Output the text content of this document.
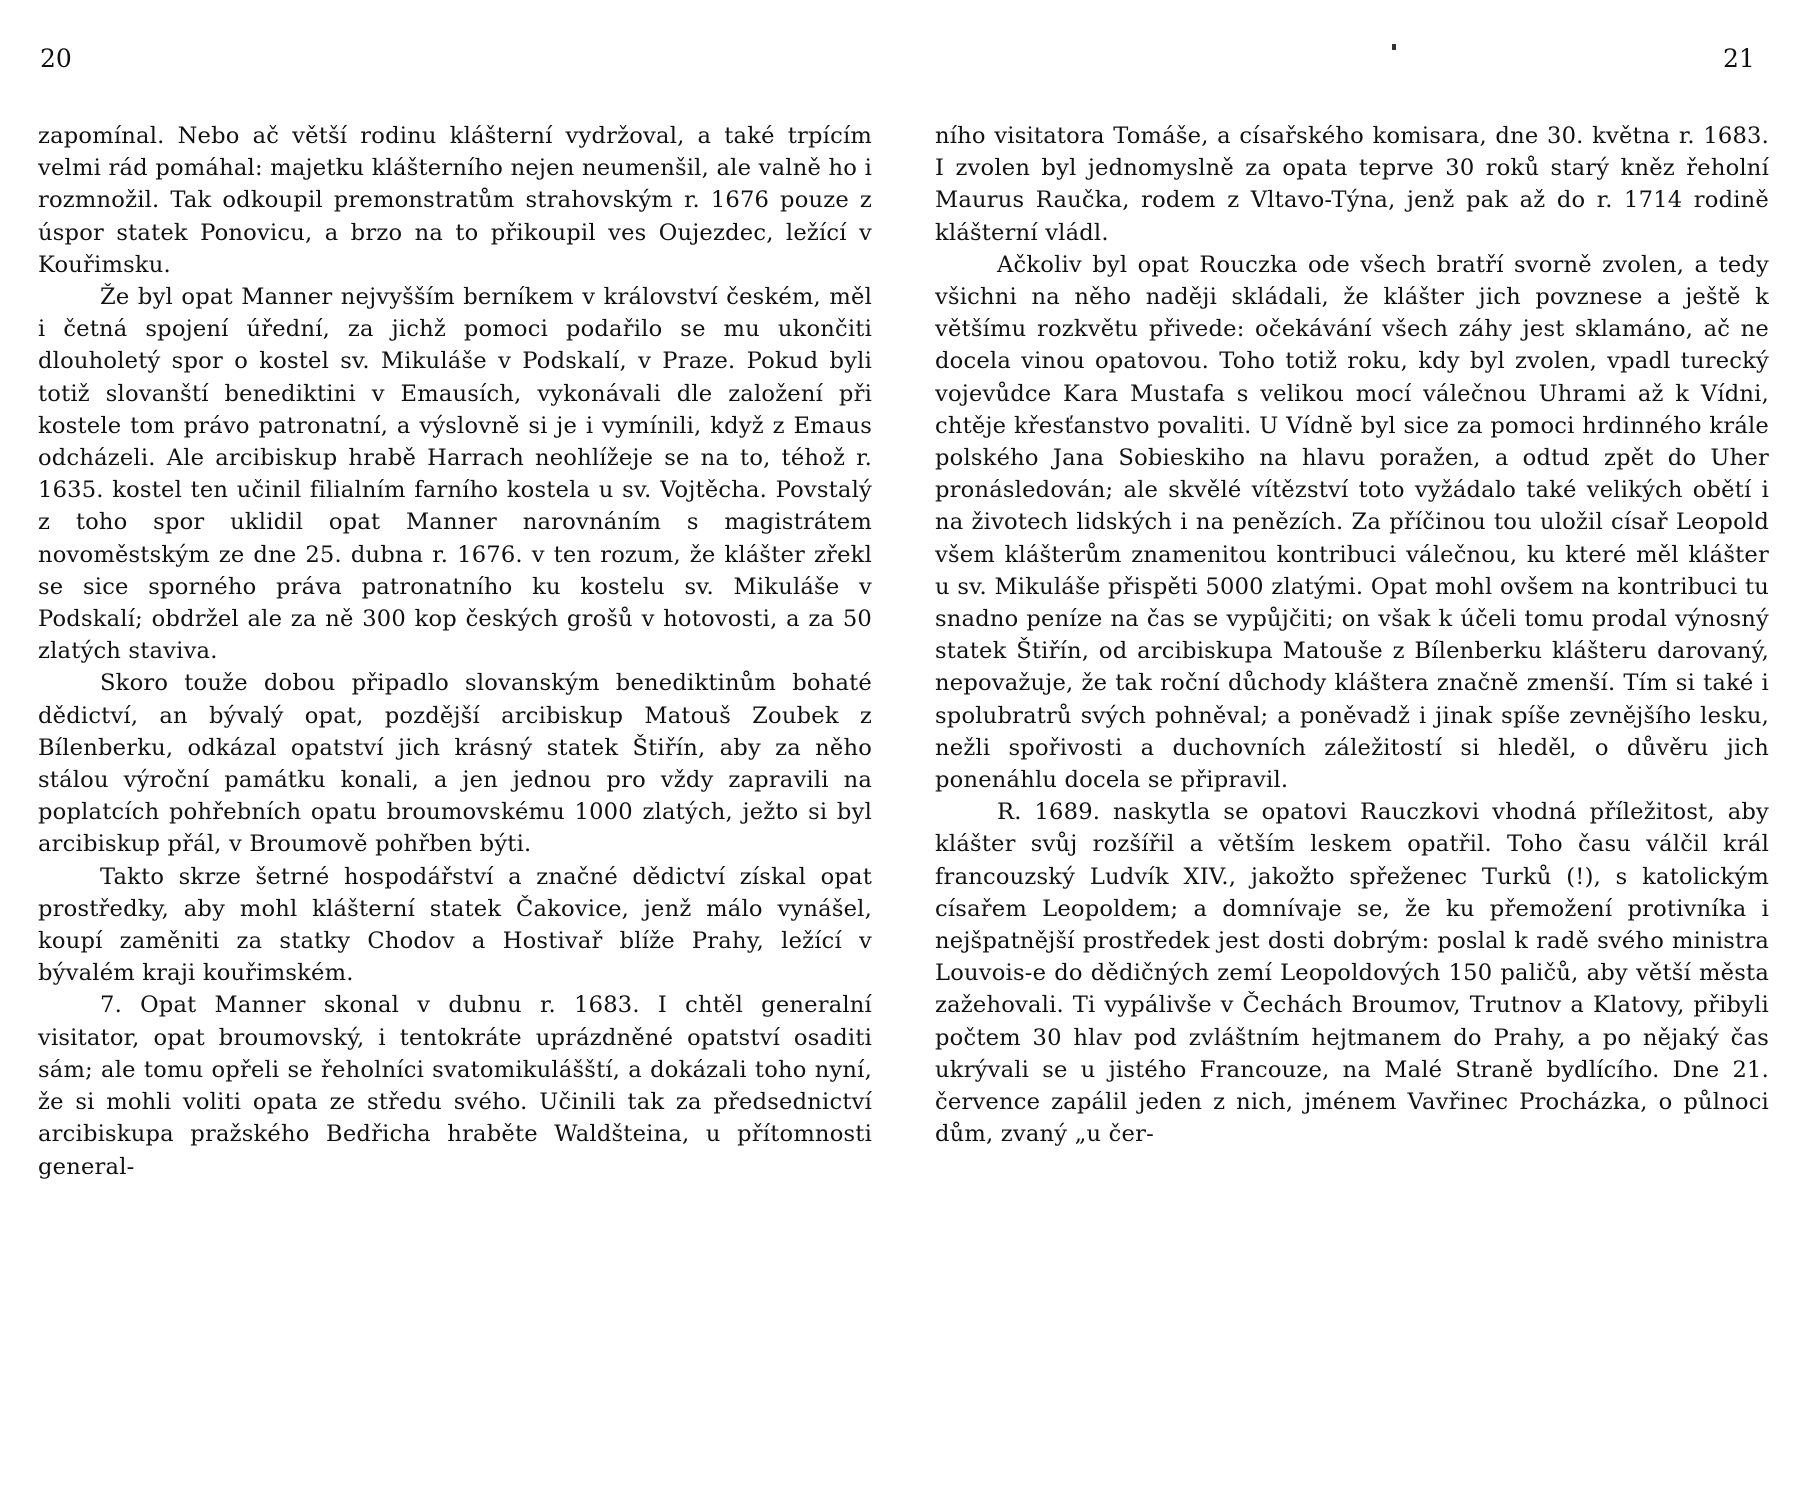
20	21

zapomínal. Nebo ač větší rodinu klášterní vydržoval, a také trpícím velmi rád pomáhal: majetku klášterního nejen neumenšil, ale valně ho i rozmnožil. Tak odkoupil premonstratům strahovským r. 1676 pouze z úspor statek Ponovicu, a brzo na to přikoupil ves Oujezdec, ležící v Kouřimsku.

Že byl opat Manner nejvyšším berníkem v království českém, měl i četná spojení úřední, za jichž pomoci podařilo se mu ukončiti dlouholetý spor o kostel sv. Mikuláše v Podskalí, v Praze. Pokud byli totiž slovanští benediktini v Emausích, vykonávali dle založení při kostele tom právo patronatní, a výslovně si je i vymínili, když z Emaus odcházeli. Ale arcibiskup hrabě Harrach neohlížeje se na to, téhož r. 1635. kostel ten učinil filialním farního kostela u sv. Vojtěcha. Povstalý z toho spor uklidil opat Manner narovnáním s magistrátem novoměstským ze dne 25. dubna r. 1676. v ten rozum, že klášter zřekl se sice sporného práva patronatního ku kostelu sv. Mikuláše v Podskalí; obdržel ale za ně 300 kop českých grošů v hotovosti, a za 50 zlatých staviva.

Skoro touže dobou připadlo slovanským benediktinům bohaté dědictví, an bývalý opat, pozdější arcibiskup Matouš Zoubek z Bílenberku, odkázal opatství jich krásný statek Štiřín, aby za něho stálou výroční památku konali, a jen jednou pro vždy zapravili na poplatcích pohřebních opatu broumovskému 1000 zlatých, ježto si byl arcibiskup přál, v Broumově pohřben býti.

Takto skrze šetrné hospodářství a značné dědictví získal opat prostředky, aby mohl klášterní statek Čakovice, jenž málo vynášel, koupí zaměniti za statky Chodov a Hostivař blíže Prahy, ležící v bývalém kraji kouřimském.

7. Opat Manner skonal v dubnu r. 1683. I chtěl generalní visitator, opat broumovský, i tentokráte uprázdněné opatství osaditi sám; ale tomu opřeli se řeholníci svatomikulášští, a dokázali toho nyní, že si mohli voliti opata ze středu svého. Učinili tak za předsednictví arcibiskupa pražského Bedřicha hraběte Waldšteina, u přítomnosti general-

ního visitatora Tomáše, a císařského komisara, dne 30. května r. 1683. I zvolen byl jednomyslně za opata teprve 30 roků starý kněz řeholní Maurus Raučka, rodem z Vltavo-Týna, jenž pak až do r. 1714 rodině klášterní vládl.

Ačkoliv byl opat Rouczka ode všech bratří svorně zvolen, a tedy všichni na něho naději skládali, že klášter jich povznese a ještě k většímu rozkvětu přivede: očekávání všech záhy jest sklamáno, ač ne docela vinou opatovou. Toho totiž roku, kdy byl zvolen, vpadl turecký vojevůdce Kara Mustafa s velikou mocí válečnou Uhrami až k Vídni, chtěje křesťanstvo povaliti. U Vídně byl sice za pomoci hrdinného krále polského Jana Sobieskiho na hlavu poražen, a odtud zpět do Uher pronásledován; ale skvělé vítězství toto vyžádalo také velikých obětí i na životech lidských i na penězích. Za příčinou tou uložil císař Leopold všem klášterům znamenitou kontribuci válečnou, ku které měl klášter u sv. Mikuláše přispěti 5000 zlatými. Opat mohl ovšem na kontribuci tu snadno peníze na čas se vypůjčiti; on však k účeli tomu prodal výnosný statek Štiřín, od arcibiskupa Matouše z Bílenberku klášteru darovaný, nepovažuje, že tak roční důchody kláštera značně zmenší. Tím si také i spolubratrů svých pohněval; a poněvadž i jinak spíše zevnějšího lesku, nežli spořivosti a duchovních záležitostí si hleděl, o důvěru jich ponenáhlu docela se připravil.

R. 1689. naskytla se opatovi Rauczkovi vhodná příležitost, aby klášter svůj rozšířil a větším leskem opatřil. Toho času válčil král francouzský Ludvík XIV., jakožto spřeženec Turků (!), s katolickým císařem Leopoldem; a domnívaje se, že ku přemožení protivníka i nejšpatnější prostředek jest dosti dobrým: poslal k radě svého ministra Louvois-e do dědičných zemí Leopoldových 150 paličů, aby větší města zažehovali. Ti vypálivše v Čechách Broumov, Trutnov a Klatovy, přibyli počtem 30 hlav pod zvláštním hejtmanem do Prahy, a po nějaký čas ukrývali se u jistého Francouze, na Malé Straně bydlícího. Dne 21. července zapálil jeden z nich, jménem Vavřinec Procházka, o půlnoci dům, zvaný „u čer-
